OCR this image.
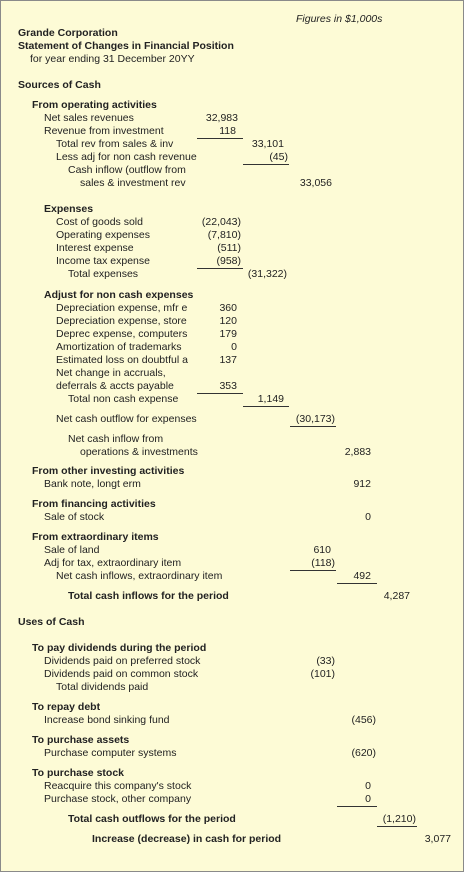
Figures in $1,000s
Grande Corporation
Statement of Changes in Financial Position
for year ending 31 December 20YY
Sources of Cash
From operating activities
Net sales revenues	32,983
Revenue from investment	118
Total rev from sales & inv	33,101
Less adj for non cash revenue	(45)
Cash inflow (outflow from
sales & investment rev	33,056
Expenses
Cost of goods sold	(22,043)
Operating expenses	(7,810)
Interest expense	(511)
Income tax expense	(958)
Total expenses	(31,322)
Adjust for non cash expenses
Depreciation expense, mfr e	360
Depreciation expense, store	120
Deprec expense, computers	179
Amortization of trademarks	0
Estimated loss on doubtful a	137
Net change in accruals,
deferrals & accts payable	353
Total non cash expense	1,149
Net cash outflow for expenses	(30,173)
Net cash inflow from
operations & investments	2,883
From other investing activities
Bank note, longt erm	912
From financing activities
Sale of stock	0
From extraordinary items
Sale of land	610
Adj for tax, extraordinary item	(118)
Net cash inflows, extraordinary item	492
Total cash inflows for the period	4,287
Uses of Cash
To pay dividends during the period
Dividends paid on preferred stock	(33)
Dividends paid on common stock	(101)
Total dividends paid
To repay debt
Increase bond sinking fund	(456)
To purchase assets
Purchase computer systems	(620)
To purchase stock
Reacquire this company's stock	0
Purchase stock, other company	0
Total cash outflows for the period	(1,210)
Increase (decrease) in cash for period	3,077
